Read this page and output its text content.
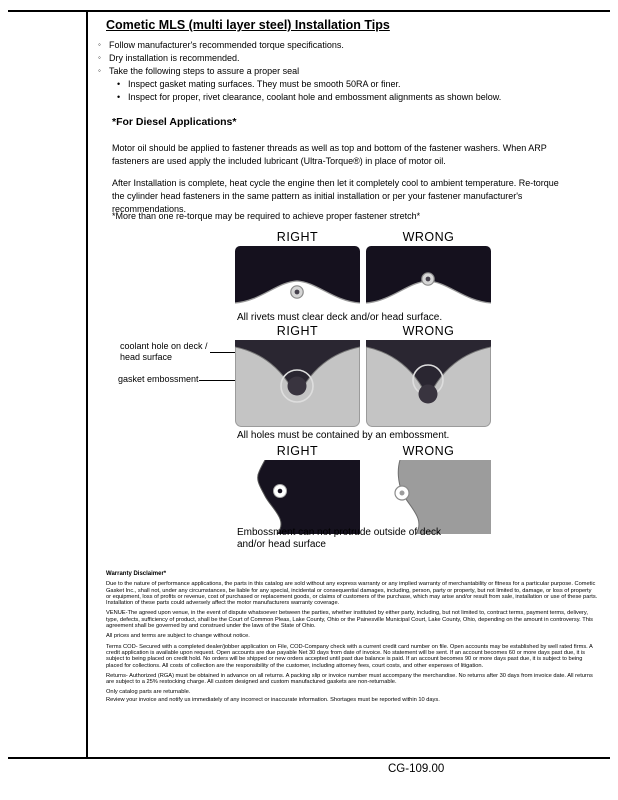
Cometic MLS (multi layer steel) Installation Tips
◦ Follow manufacturer's recommended torque specifications.
◦ Dry installation is recommended.
◦ Take the following steps to assure a proper seal
• Inspect gasket mating surfaces. They must be smooth 50RA or finer.
• Inspect for proper, rivet clearance, coolant hole and embossment alignments as shown below.
*For Diesel Applications*

Motor oil should be applied to fastener threads as well as top and bottom of the fastener washers. When ARP fasteners are used apply the included lubricant (Ultra-Torque®) in place of motor oil.

After Installation is complete, heat cycle the engine then let it completely cool to ambient temperature. Re-torque the cylinder head fasteners in the same pattern as initial installation or per your fastener manufacturer's recommendations.

*More than one re-torque may be required to achieve proper fastener stretch*
RIGHT	WRONG
All rivets must clear deck and/or head surface.
coolant hole on deck / head surface
gasket embossment
RIGHT	WRONG
All holes must be contained by an embossment.
RIGHT	WRONG
Embossment can not protrude outside of deck and/or head surface
Warranty Disclaimer*

Due to the nature of performance applications, the parts in this catalog are sold without any express warranty or any implied warranty of merchantability or fitness for a particular purpose. Cometic Gasket Inc., shall not, under any circumstances, be liable for any special, incidental or consequential damages, including, person, party or property, but not limited to, damage, or loss of property or equipment, loss of profits or revenue, cost of purchased or replacement goods, or claims of customers of the purchase, which may arise and/or result from sale, installation or use of these parts. Installation of these parts could adversely affect the motor manufacturers warranty coverage.

VENUE-The agreed upon venue, in the event of dispute whatsoever between the parties, whether instituted by either party, including, but not limited to, contract terms, payment terms, delivery, type, defects, sufficiency of product, shall be the Court of Common Pleas, Lake County, Ohio or the Painesville Municipal Court, Lake County, Ohio, depending on the amount in controversy. This agreement shall be governed by and construed under the laws of the State of Ohio.

All prices and terms are subject to change without notice.

Terms COD- Secured with a completed dealer/jobber application on File, COD-Company check with a current credit card number on file. Open accounts may be established by well rated firms. A credit application is available upon request. Open accounts are due payable Net 30 days from date of invoice. No statement will be sent. If an account becomes 60 or more days past due, it is subject to being placed on credit hold. No orders will be shipped or new orders accepted until past due balance is paid. If an account becomes 90 or more days past due, it is subject to being placed for collections. All costs of collection are the responsibility of the customer, including attorney fees, court costs, and other expenses of litigation.

Returns- Authorized (RGA) must be obtained in advance on all returns. A packing slip or invoice number must accompany the merchandise. No returns after 30 days from invoice date. All returns are subject to a 25% restocking charge. All custom designed and custom manufactured gaskets are non-returnable.

Only catalog parts are returnable.

Review your invoice and notify us immediately of any incorrect or inaccurate information. Shortages must be reported within 10 days.

CG-109.00
